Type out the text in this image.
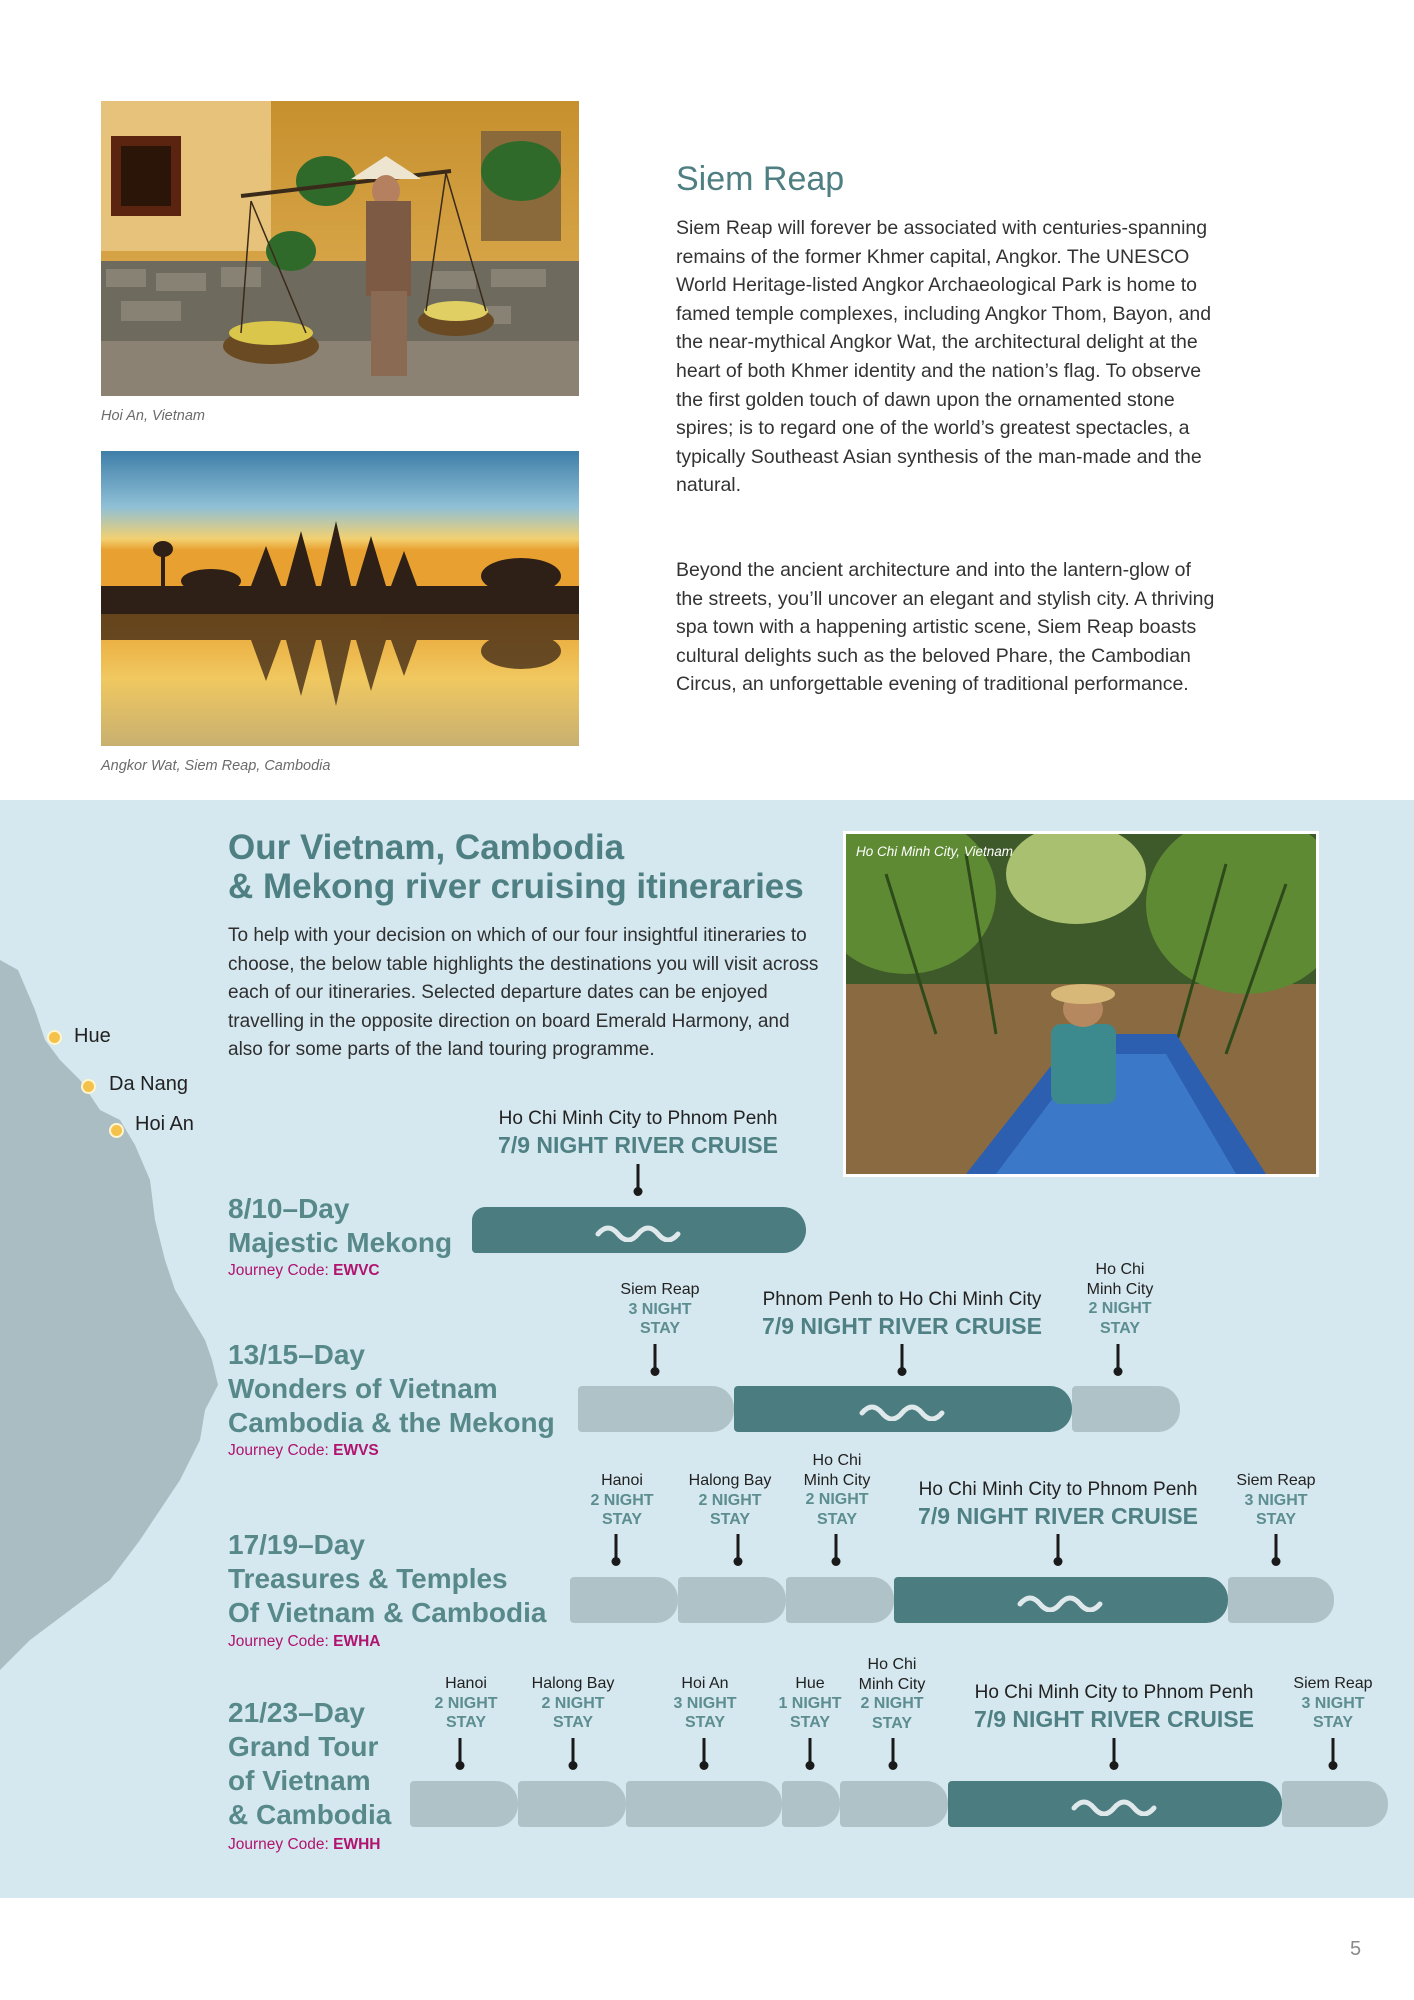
Hoi An, Vietnam
Angkor Wat, Siem Reap, Cambodia
Siem Reap
Siem Reap will forever be associated with centuries-spanning remains of the former Khmer capital, Angkor. The UNESCO World Heritage-listed Angkor Archaeological Park is home to famed temple complexes, including Angkor Thom, Bayon, and the near-mythical Angkor Wat, the architectural delight at the heart of both Khmer identity and the nation’s flag. To observe the first golden touch of dawn upon the ornamented stone spires; is to regard one of the world’s greatest spectacles, a typically Southeast Asian synthesis of the man-made and the natural.
Beyond the ancient architecture and into the lantern-glow of the streets, you’ll uncover an elegant and stylish city. A thriving spa town with a happening artistic scene, Siem Reap boasts cultural delights such as the beloved Phare, the Cambodian Circus, an unforgettable evening of traditional performance.
Hue
Da Nang
Hoi An
Our Vietnam, Cambodia
& Mekong river cruising itineraries
To help with your decision on which of our four insightful itineraries to choose, the below table highlights the destinations you will visit across each of our itineraries. Selected departure dates can be enjoyed travelling in the opposite direction on board Emerald Harmony, and also for some parts of the land touring programme.
Ho Chi Minh City, Vietnam
8/10–Day
Majestic Mekong
Journey Code: EWVC
13/15–Day
Wonders of Vietnam
Cambodia & the Mekong
Journey Code: EWVS
17/19–Day
Treasures & Temples
Of Vietnam & Cambodia
Journey Code: EWHA
21/23–Day
Grand Tour
of Vietnam
& Cambodia
Journey Code: EWHH
Ho Chi Minh City to Phnom Penh
7/9 NIGHT RIVER CRUISE
Siem Reap
3 NIGHT
STAY
Phnom Penh to Ho Chi Minh City
7/9 NIGHT RIVER CRUISE
Ho Chi
Minh City
2 NIGHT
STAY
Hanoi
2 NIGHT
STAY
Halong Bay
2 NIGHT
STAY
Ho Chi
Minh City
2 NIGHT
STAY
Ho Chi Minh City to Phnom Penh
7/9 NIGHT RIVER CRUISE
Siem Reap
3 NIGHT
STAY
Hanoi
2 NIGHT
STAY
Halong Bay
2 NIGHT
STAY
Hoi An
3 NIGHT
STAY
Hue
1 NIGHT
STAY
Ho Chi
Minh City
2 NIGHT
STAY
Ho Chi Minh City to Phnom Penh
7/9 NIGHT RIVER CRUISE
Siem Reap
3 NIGHT
STAY
5
